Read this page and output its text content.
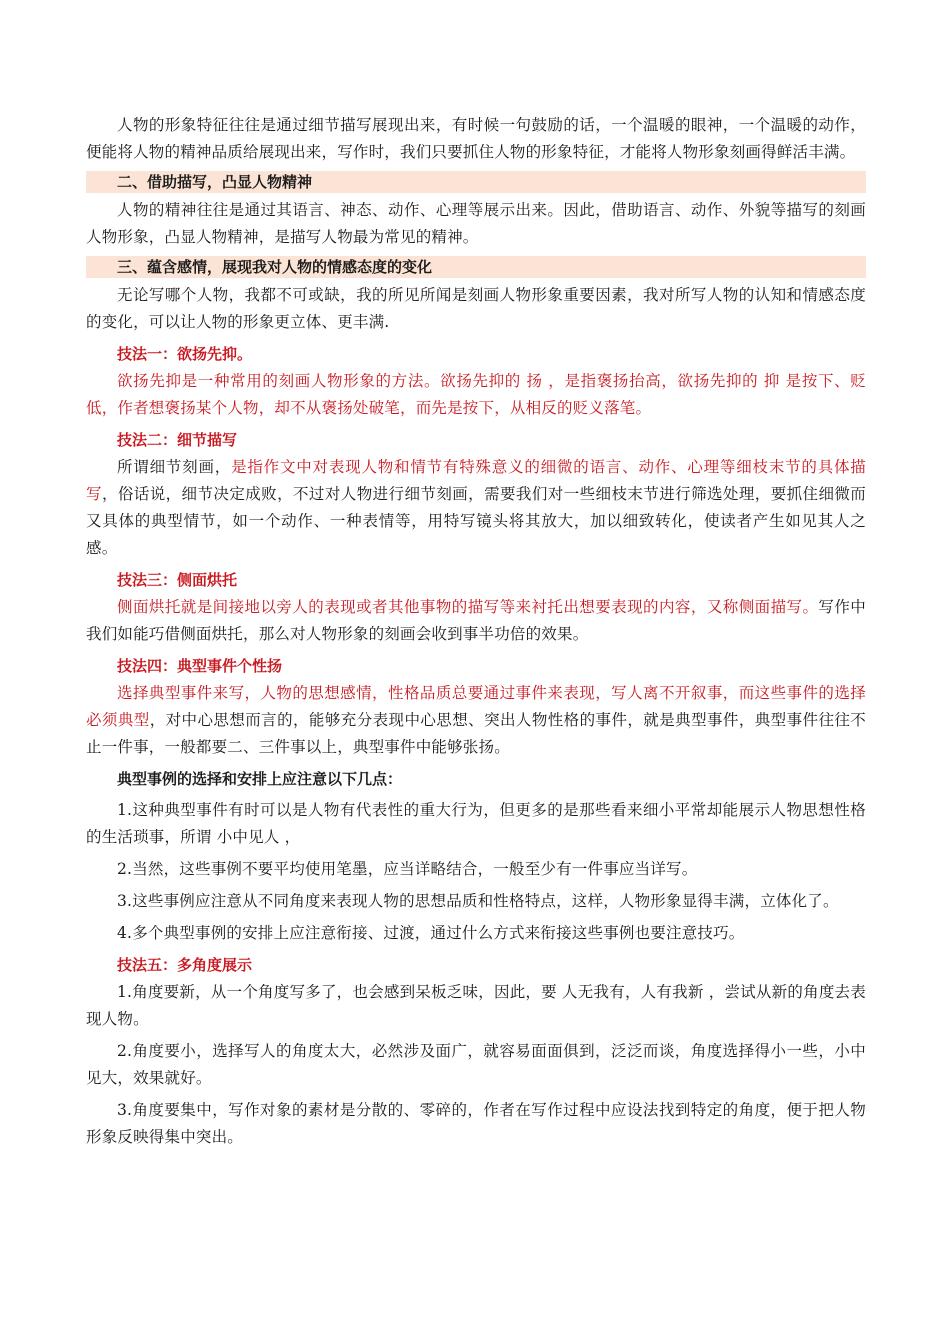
人物的形象特征往往是通过细节描写展现出来，有时候一句鼓励的话，一个温暖的眼神，一个温暖的动作，便能将人物的精神品质给展现出来，写作时，我们只要抓住人物的形象特征，才能将人物形象刻画得鲜活丰满。

二、借助描写，凸显人物精神

人物的精神往往是通过其语言、神态、动作、心理等展示出来。因此，借助语言、动作、外貌等描写的刻画人物形象，凸显人物精神，是描写人物最为常见的精神。

三、蕴含感情，展现我对人物的情感态度的变化

无论写哪个人物，我都不可或缺，我的所见所闻是刻画人物形象重要因素，我对所写人物的认知和情感态度的变化，可以让人物的形象更立体、更丰满.

技法一：欲扬先抑。

欲扬先抑是一种常用的刻画人物形象的方法。欲扬先抑的 扬 ，是指褒扬抬高，欲扬先抑的 抑 是按下、贬低，作者想褒扬某个人物，却不从褒扬处破笔，而先是按下，从相反的贬义落笔。

技法二：细节描写

所谓细节刻画，是指作文中对表现人物和情节有特殊意义的细微的语言、动作、心理等细枝末节的具体描写，俗话说，细节决定成败，不过对人物进行细节刻画，需要我们对一些细枝末节进行筛选处理，要抓住细微而又具体的典型情节，如一个动作、一种表情等，用特写镜头将其放大，加以细致转化，使读者产生如见其人之感。

技法三：侧面烘托

侧面烘托就是间接地以旁人的表现或者其他事物的描写等来衬托出想要表现的内容，又称侧面描写。写作中我们如能巧借侧面烘托，那么对人物形象的刻画会收到事半功倍的效果。

技法四：典型事件个性扬

选择典型事件来写，人物的思想感情，性格品质总要通过事件来表现，写人离不开叙事，而这些事件的选择必须典型，对中心思想而言的，能够充分表现中心思想、突出人物性格的事件，就是典型事件，典型事件往往不止一件事，一般都要二、三件事以上，典型事件中能够张扬。

典型事例的选择和安排上应注意以下几点：

1.这种典型事件有时可以是人物有代表性的重大行为，但更多的是那些看来细小平常却能展示人物思想性格的生活琐事，所谓 小中见人 ，

2.当然，这些事例不要平均使用笔墨，应当详略结合，一般至少有一件事应当详写。

3.这些事例应注意从不同角度来表现人物的思想品质和性格特点，这样，人物形象显得丰满，立体化了。

4.多个典型事例的安排上应注意衔接、过渡，通过什么方式来衔接这些事例也要注意技巧。

技法五：多角度展示

1.角度要新，从一个角度写多了，也会感到呆板乏味，因此，要 人无我有，人有我新 ，尝试从新的角度去表现人物。

2.角度要小，选择写人的角度太大，必然涉及面广，就容易面面俱到，泛泛而谈，角度选择得小一些，小中见大，效果就好。

3.角度要集中，写作对象的素材是分散的、零碎的，作者在写作过程中应设法找到特定的角度，便于把人物形象反映得集中突出。
